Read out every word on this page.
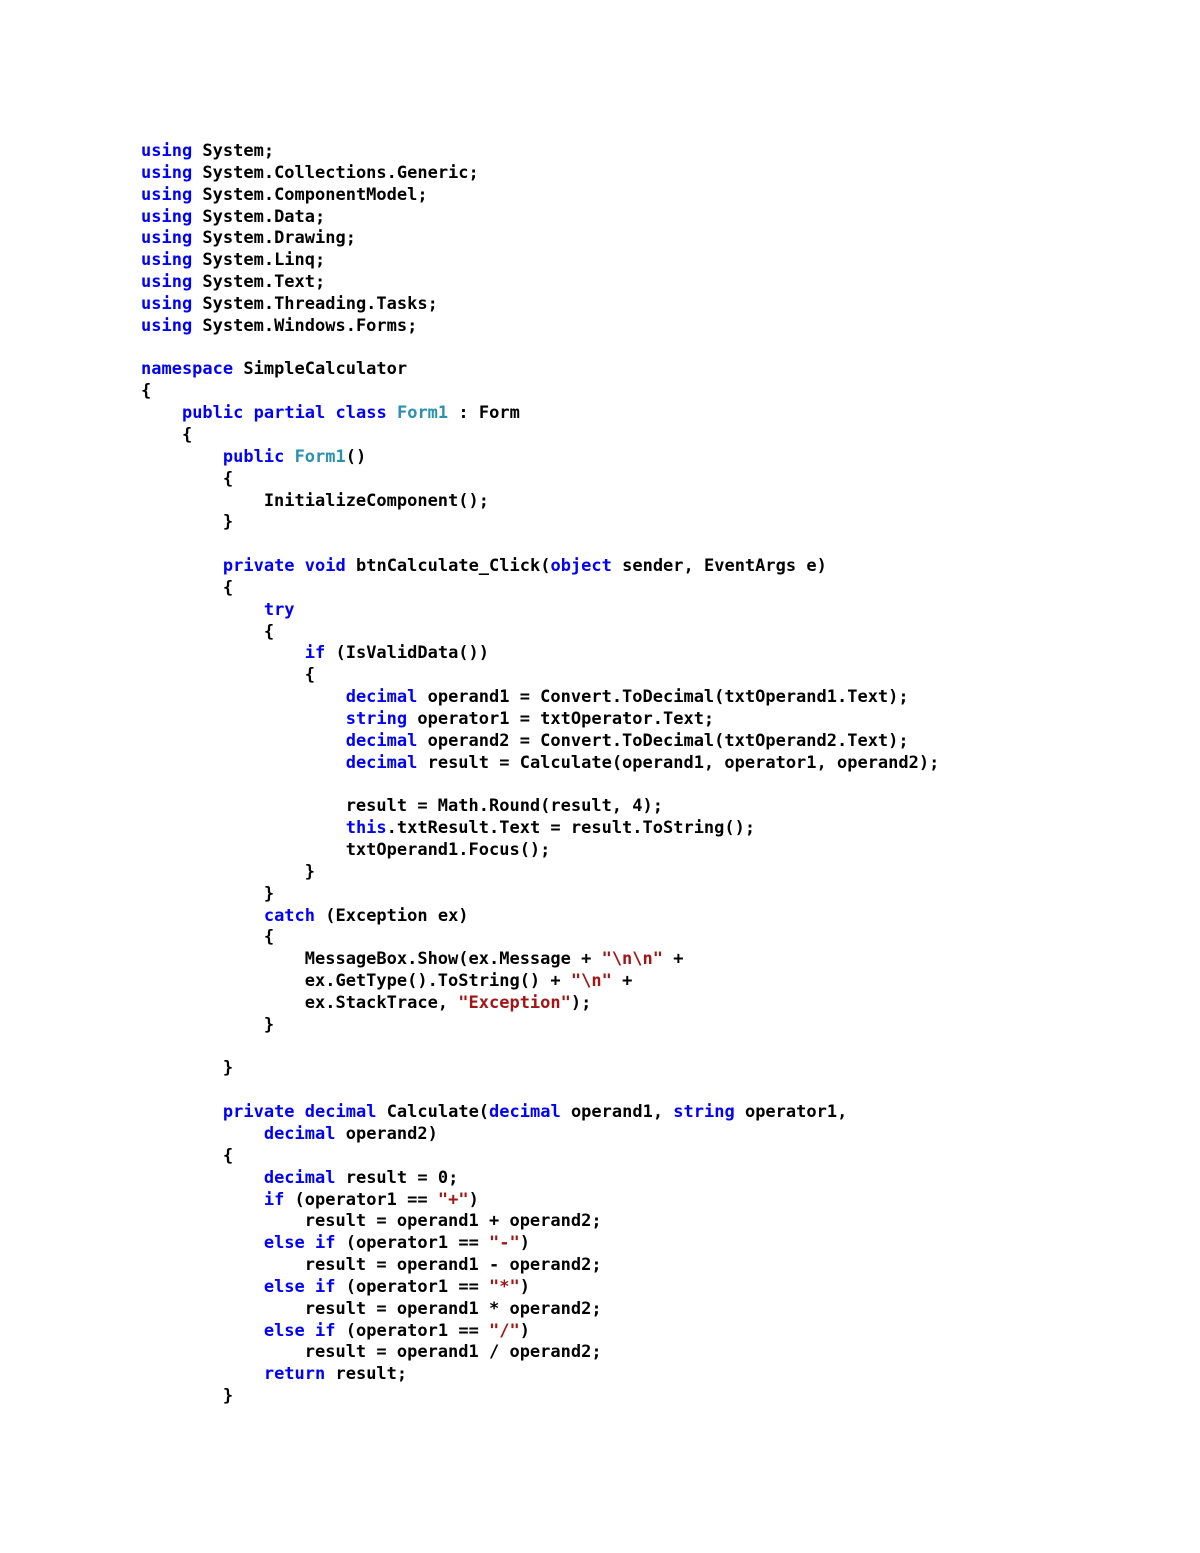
using System;
using System.Collections.Generic;
using System.ComponentModel;
using System.Data;
using System.Drawing;
using System.Linq;
using System.Text;
using System.Threading.Tasks;
using System.Windows.Forms;

namespace SimpleCalculator
{
public partial class Form1 : Form
{
public Form1()
{
InitializeComponent();
}

private void btnCalculate_Click(object sender, EventArgs e)
{
try
{
if (IsValidData())
{
decimal operand1 = Convert.ToDecimal(txtOperand1.Text);
string operator1 = txtOperator.Text;
decimal operand2 = Convert.ToDecimal(txtOperand2.Text);
decimal result = Calculate(operand1, operator1, operand2);

result = Math.Round(result, 4);
this.txtResult.Text = result.ToString();
txtOperand1.Focus();
}
}
catch (Exception ex)
{
MessageBox.Show(ex.Message + "\n\n" +
ex.GetType().ToString() + "\n" +
ex.StackTrace, "Exception");
}

}

private decimal Calculate(decimal operand1, string operator1,
decimal operand2)
{
decimal result = 0;
if (operator1 == "+")
result = operand1 + operand2;
else if (operator1 == "-")
result = operand1 - operand2;
else if (operator1 == "*")
result = operand1 * operand2;
else if (operator1 == "/")
result = operand1 / operand2;
return result;
}
